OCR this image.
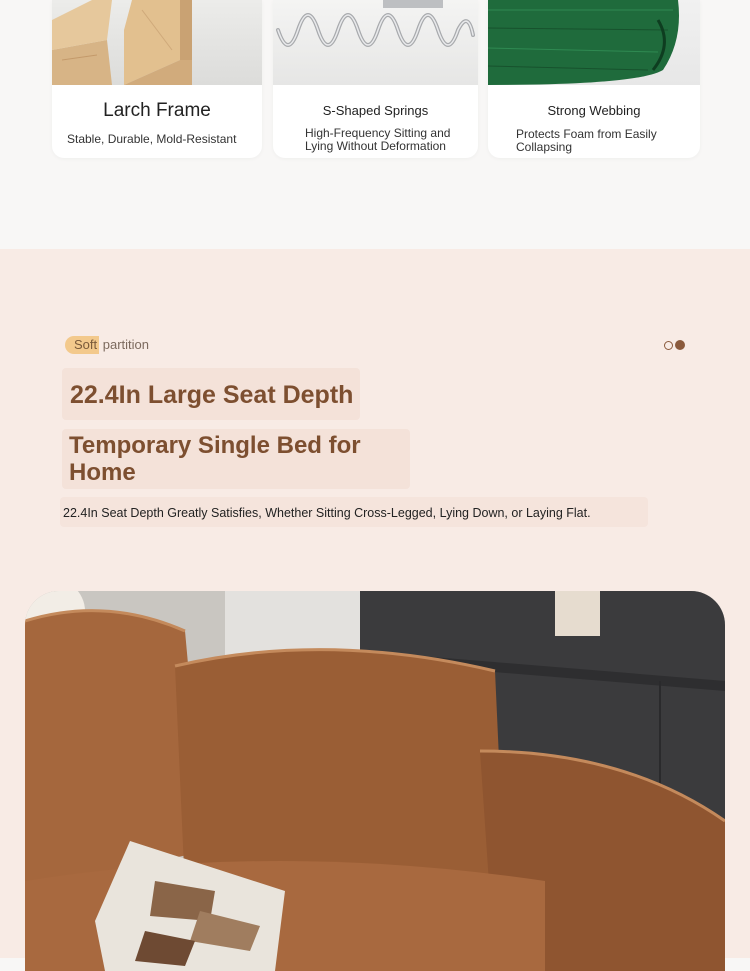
Larch Frame
Stable, Durable, Mold-Resistant
S-Shaped Springs
High-Frequency Sitting and Lying Without Deformation
Strong Webbing
Protects Foam from Easily Collapsing
Soft partition
22.4In Large Seat Depth
Temporary Single Bed for Home
22.4In Seat Depth Greatly Satisfies, Whether Sitting Cross-Legged, Lying Down, or Laying Flat.
